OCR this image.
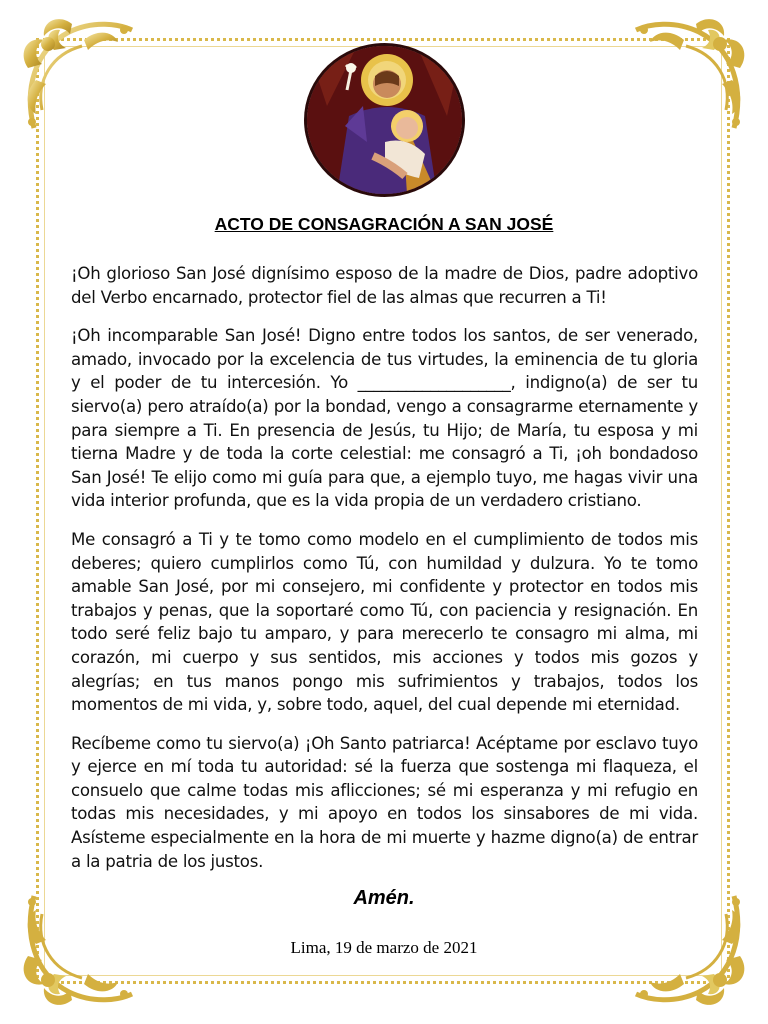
ACTO DE CONSAGRACIÓN A SAN JOSÉ

¡Oh glorioso San José dignísimo esposo de la madre de Dios, padre adoptivo del Verbo encarnado, protector fiel de las almas que recurren a Ti!

¡Oh incomparable San José! Digno entre todos los santos, de ser venerado, amado, invocado por la excelencia de tus virtudes, la eminencia de tu gloria y el poder de tu intercesión. Yo ___________________, indigno(a) de ser tu siervo(a) pero atraído(a) por la bondad, vengo a consagrarme eternamente y para siempre a Ti. En presencia de Jesús, tu Hijo; de María, tu esposa y mi tierna Madre y de toda la corte celestial: me consagró a Ti, ¡oh bondadoso San José! Te elijo como mi guía para que, a ejemplo tuyo, me hagas vivir una vida interior profunda, que es la vida propia de un verdadero cristiano.

Me consagró a Ti y te tomo como modelo en el cumplimiento de todos mis deberes; quiero cumplirlos como Tú, con humildad y dulzura. Yo te tomo amable San José, por mi consejero, mi confidente y protector en todos mis trabajos y penas, que la soportaré como Tú, con paciencia y resignación. En todo seré feliz bajo tu amparo, y para merecerlo te consagro mi alma, mi corazón, mi cuerpo y sus sentidos, mis acciones y todos mis gozos y alegrías; en tus manos pongo mis sufrimientos y trabajos, todos los momentos de mi vida, y, sobre todo, aquel, del cual depende mi eternidad.

Recíbeme como tu siervo(a) ¡Oh Santo patriarca! Acéptame por esclavo tuyo y ejerce en mí toda tu autoridad: sé la fuerza que sostenga mi flaqueza, el consuelo que calme todas mis aflicciones; sé mi esperanza y mi refugio en todas mis necesidades, y mi apoyo en todos los sinsabores de mi vida. Asísteme especialmente en la hora de mi muerte y hazme digno(a) de entrar a la patria de los justos.

Amén.
Lima, 19 de marzo de 2021
